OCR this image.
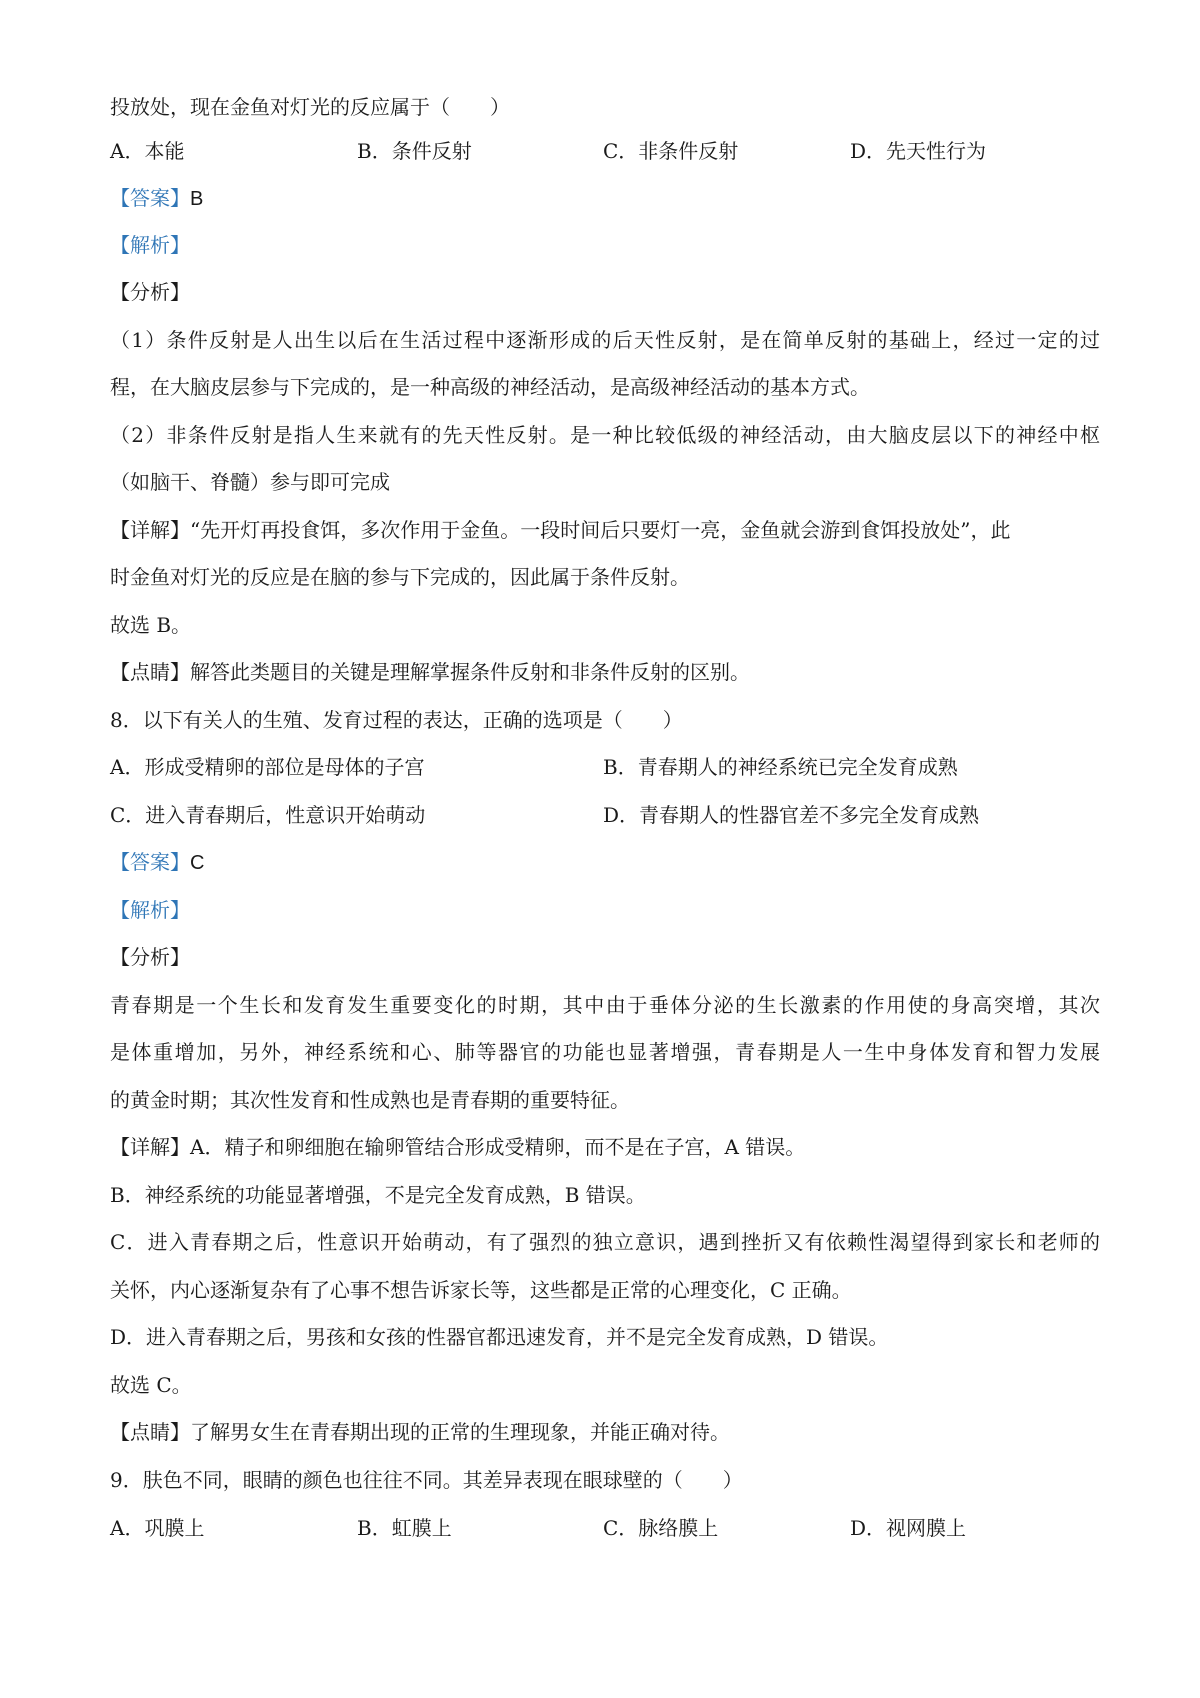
投放处，现在金鱼对灯光的反应属于（　　）
A．本能	B．条件反射	C．非条件反射	D．先天性行为
【答案】B
【解析】
【分析】
（1）条件反射是人出生以后在生活过程中逐渐形成的后天性反射，是在简单反射的基础上，经过一定的过
程，在大脑皮层参与下完成的，是一种高级的神经活动，是高级神经活动的基本方式。
（2）非条件反射是指人生来就有的先天性反射。是一种比较低级的神经活动，由大脑皮层以下的神经中枢
（如脑干、脊髓）参与即可完成
【详解】“先开灯再投食饵，多次作用于金鱼。一段时间后只要灯一亮，金鱼就会游到食饵投放处”，此
时金鱼对灯光的反应是在脑的参与下完成的，因此属于条件反射。
故选 B。
【点睛】解答此类题目的关键是理解掌握条件反射和非条件反射的区别。
8．以下有关人的生殖、发育过程的表达，正确的选项是（　　）
A．形成受精卵的部位是母体的子宫	B．青春期人的神经系统已完全发育成熟
C．进入青春期后，性意识开始萌动	D．青春期人的性器官差不多完全发育成熟
【答案】C
【解析】
【分析】
青春期是一个生长和发育发生重要变化的时期，其中由于垂体分泌的生长激素的作用使的身高突增，其次
是体重增加，另外，神经系统和心、肺等器官的功能也显著增强，青春期是人一生中身体发育和智力发展
的黄金时期；其次性发育和性成熟也是青春期的重要特征。
【详解】A．精子和卵细胞在输卵管结合形成受精卵，而不是在子宫，A 错误。
B．神经系统的功能显著增强，不是完全发育成熟，B 错误。
C．进入青春期之后，性意识开始萌动，有了强烈的独立意识，遇到挫折又有依赖性渴望得到家长和老师的
关怀，内心逐渐复杂有了心事不想告诉家长等，这些都是正常的心理变化，C 正确。
D．进入青春期之后，男孩和女孩的性器官都迅速发育，并不是完全发育成熟，D 错误。
故选 C。
【点睛】了解男女生在青春期出现的正常的生理现象，并能正确对待。
9．肤色不同，眼睛的颜色也往往不同。其差异表现在眼球壁的（　　）
A．巩膜上	B．虹膜上	C．脉络膜上	D．视网膜上
